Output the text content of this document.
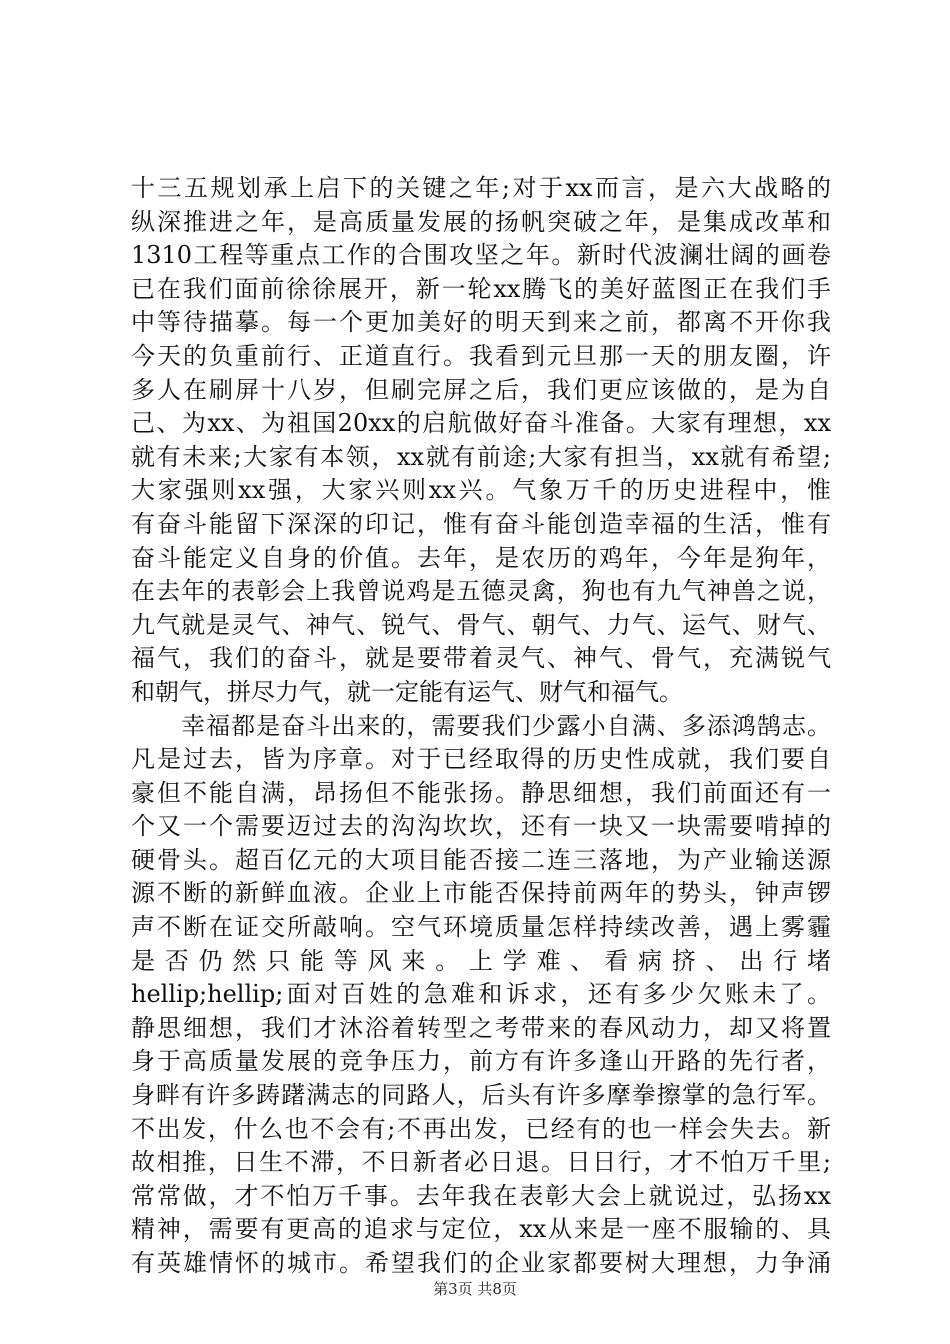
十三五规划承上启下的关键之年;对于xx而言，是六大战略的
纵深推进之年，是高质量发展的扬帆突破之年，是集成改革和
1310工程等重点工作的合围攻坚之年。新时代波澜壮阔的画卷
已在我们面前徐徐展开，新一轮xx腾飞的美好蓝图正在我们手
中等待描摹。每一个更加美好的明天到来之前，都离不开你我
今天的负重前行、正道直行。我看到元旦那一天的朋友圈，许
多人在刷屏十八岁，但刷完屏之后，我们更应该做的，是为自
己、为xx、为祖国20xx的启航做好奋斗准备。大家有理想，xx
就有未来;大家有本领，xx就有前途;大家有担当，xx就有希望;
大家强则xx强，大家兴则xx兴。气象万千的历史进程中，惟
有奋斗能留下深深的印记，惟有奋斗能创造幸福的生活，惟有
奋斗能定义自身的价值。去年，是农历的鸡年，今年是狗年，
在去年的表彰会上我曾说鸡是五德灵禽，狗也有九气神兽之说，
九气就是灵气、神气、锐气、骨气、朝气、力气、运气、财气、
福气，我们的奋斗，就是要带着灵气、神气、骨气，充满锐气
和朝气，拼尽力气，就一定能有运气、财气和福气。
　　幸福都是奋斗出来的，需要我们少露小自满、多添鸿鹄志。
凡是过去，皆为序章。对于已经取得的历史性成就，我们要自
豪但不能自满，昂扬但不能张扬。静思细想，我们前面还有一
个又一个需要迈过去的沟沟坎坎，还有一块又一块需要啃掉的
硬骨头。超百亿元的大项目能否接二连三落地，为产业输送源
源不断的新鲜血液。企业上市能否保持前两年的势头，钟声锣
声不断在证交所敲响。空气环境质量怎样持续改善，遇上雾霾
是否仍然只能等风来。上学难、看病挤、出行堵
hellip;hellip;面对百姓的急难和诉求，还有多少欠账未了。
静思细想，我们才沐浴着转型之考带来的春风动力，却又将置
身于高质量发展的竞争压力，前方有许多逢山开路的先行者，
身畔有许多踌躇满志的同路人，后头有许多摩拳擦掌的急行军。
不出发，什么也不会有;不再出发，已经有的也一样会失去。新
故相推，日生不滞，不日新者必日退。日日行，才不怕万千里;
常常做，才不怕万千事。去年我在表彰大会上就说过，弘扬xx
精神，需要有更高的追求与定位，xx从来是一座不服输的、具
有英雄情怀的城市。希望我们的企业家都要树大理想，力争涌
第3页 共8页
